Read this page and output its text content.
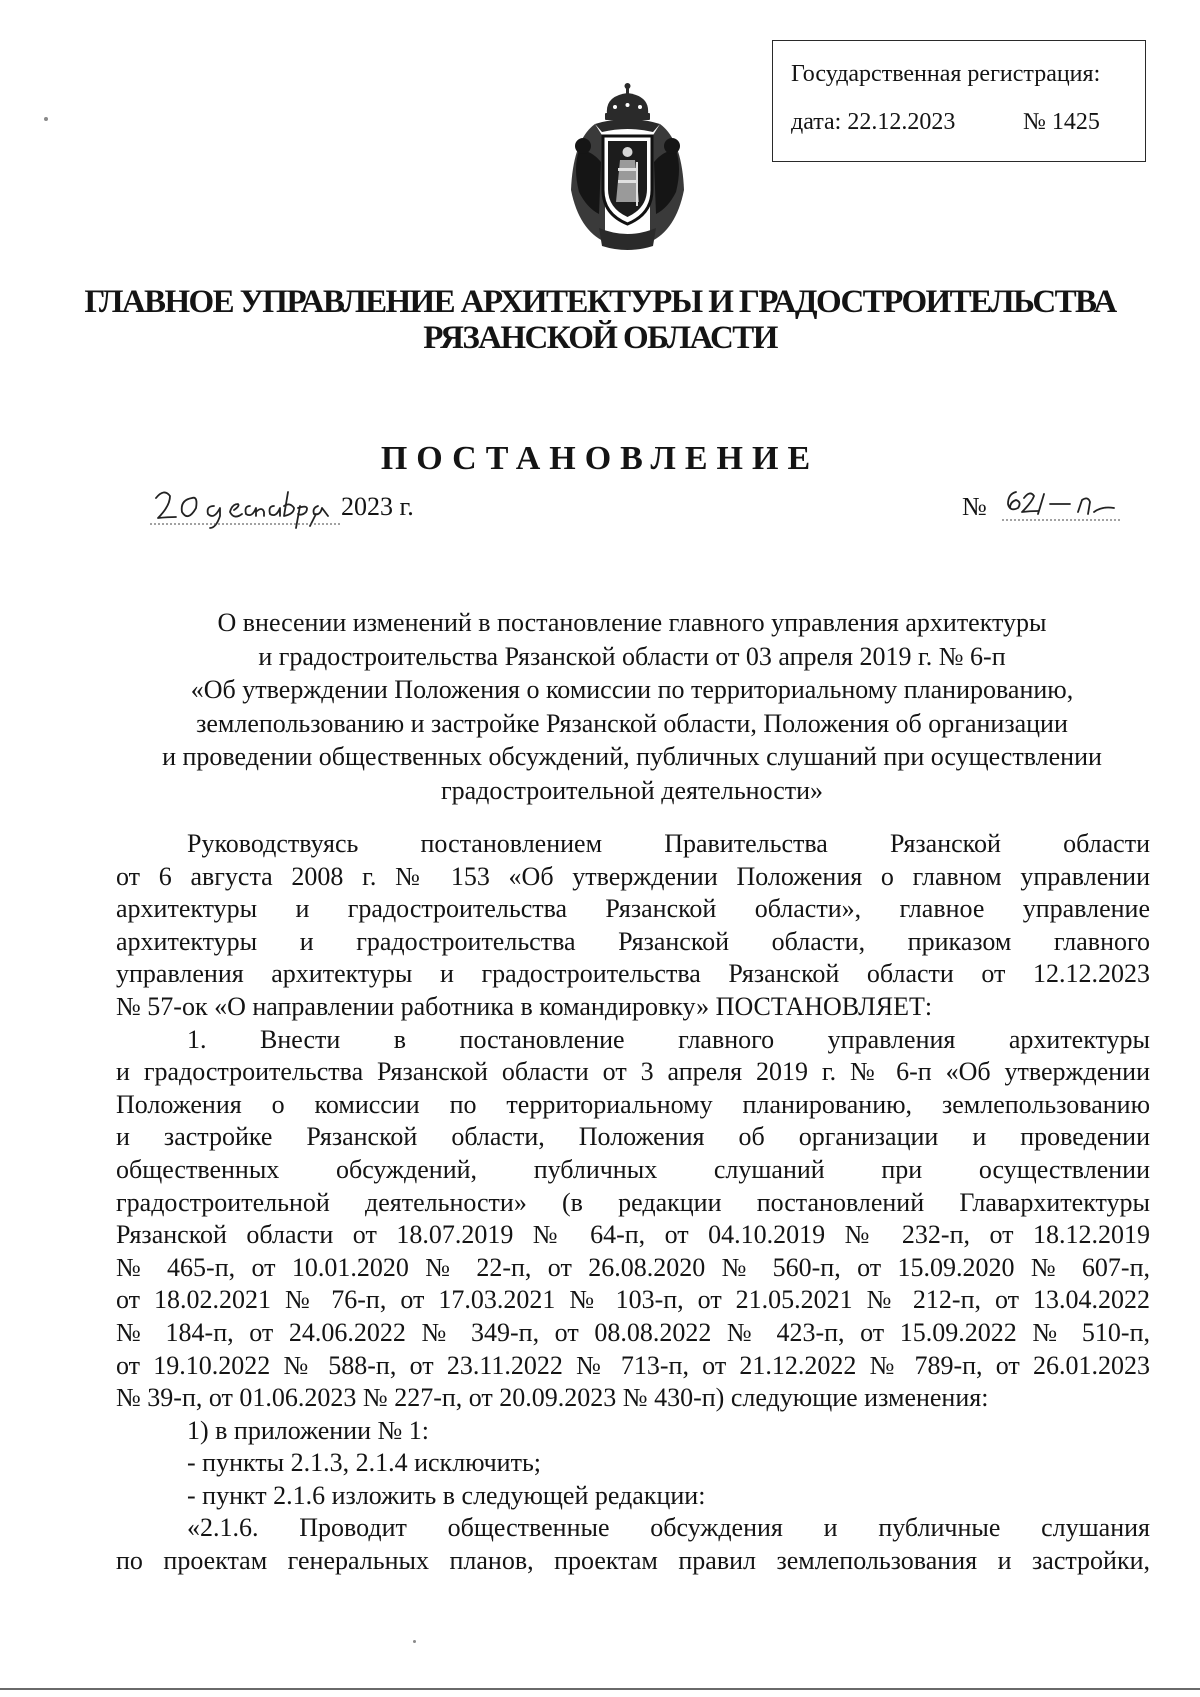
Государственная регистрация:
дата: 22.12.2023	№ 1425
ГЛАВНОЕ УПРАВЛЕНИЕ АРХИТЕКТУРЫ И ГРАДОСТРОИТЕЛЬСТВА
РЯЗАНСКОЙ ОБЛАСТИ
ПОСТАНОВЛЕНИЕ
2023 г.	№
О внесении изменений в постановление главного управления архитектуры
и градостроительства Рязанской области от 03 апреля 2019 г. № 6-п
«Об утверждении Положения о комиссии по территориальному планированию,
землепользованию и застройке Рязанской области, Положения об организации
и проведении общественных обсуждений, публичных слушаний при осуществлении
градостроительной деятельности»
Руководствуясь постановлением Правительства Рязанской области
от 6 августа 2008 г. № 153 «Об утверждении Положения о главном управлении
архитектуры и градостроительства Рязанской области», главное управление
архитектуры и градостроительства Рязанской области, приказом главного
управления архитектуры и градостроительства Рязанской области от 12.12.2023
№ 57-ок «О направлении работника в командировку» ПОСТАНОВЛЯЕТ:
1. Внести в постановление главного управления архитектуры
и градостроительства Рязанской области от 3 апреля 2019 г. № 6-п «Об утверждении
Положения о комиссии по территориальному планированию, землепользованию
и застройке Рязанской области, Положения об организации и проведении
общественных обсуждений, публичных слушаний при осуществлении
градостроительной деятельности» (в редакции постановлений Главархитектуры
Рязанской области от 18.07.2019 № 64-п, от 04.10.2019 № 232-п, от 18.12.2019
№ 465-п, от 10.01.2020 № 22-п, от 26.08.2020 № 560-п, от 15.09.2020 № 607-п,
от 18.02.2021 № 76-п, от 17.03.2021 № 103-п, от 21.05.2021 № 212-п, от 13.04.2022
№ 184-п, от 24.06.2022 № 349-п, от 08.08.2022 № 423-п, от 15.09.2022 № 510-п,
от 19.10.2022 № 588-п, от 23.11.2022 № 713-п, от 21.12.2022 № 789-п, от 26.01.2023
№ 39-п, от 01.06.2023 № 227-п, от 20.09.2023 № 430-п) следующие изменения:
1) в приложении № 1:
- пункты 2.1.3, 2.1.4 исключить;
- пункт 2.1.6 изложить в следующей редакции:
«2.1.6. Проводит общественные обсуждения и публичные слушания
по проектам генеральных планов, проектам правил землепользования и застройки,
